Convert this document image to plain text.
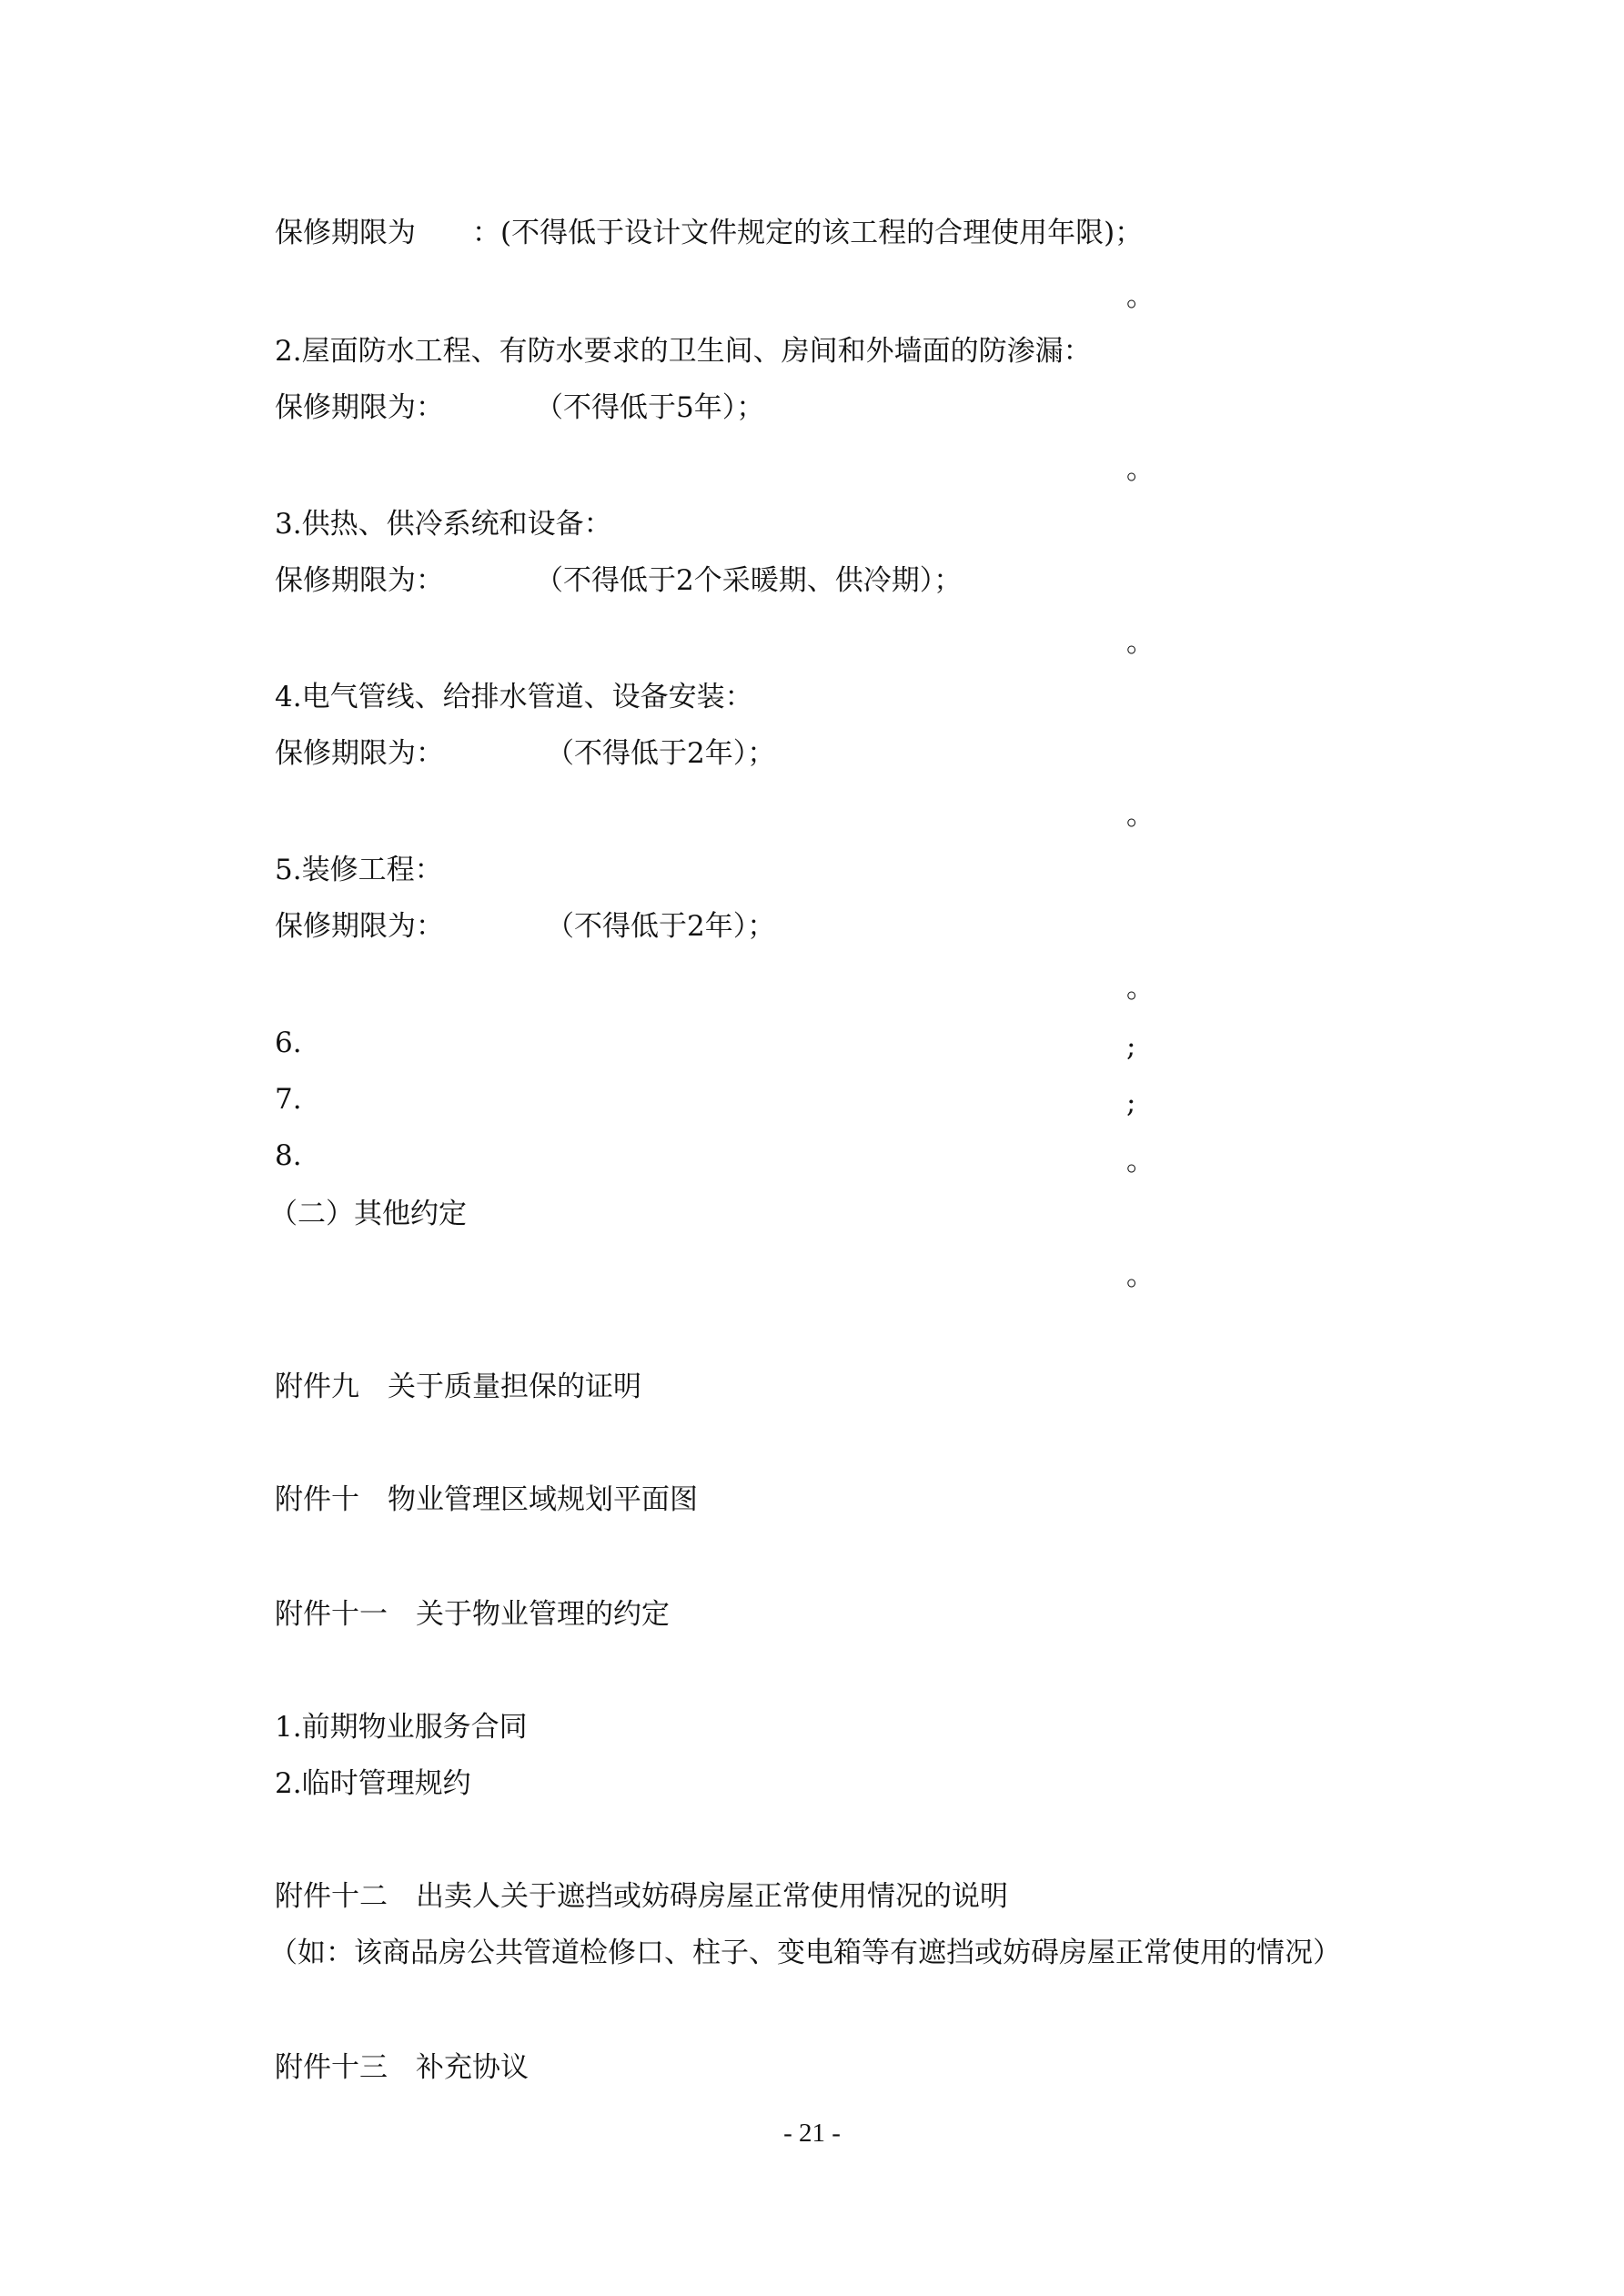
保修期限为 ：(不得低于设计文件规定的该工程的合理使用年限)；
。
2.屋面防水工程、有防水要求的卫生间、房间和外墙面的防渗漏：
保修期限为：	（不得低于5年）；
。
3.供热、供冷系统和设备：
保修期限为：	（不得低于2个采暖期、供冷期）；
。
4.电气管线、给排水管道、设备安装：
保修期限为：	（不得低于2年）；
。
5.装修工程：
保修期限为：	（不得低于2年）；
。
6.	;
7.	;
8.	。
（二）其他约定
。
附件九　关于质量担保的证明
附件十　物业管理区域规划平面图
附件十一　关于物业管理的约定
1.前期物业服务合同
2.临时管理规约
附件十二　出卖人关于遮挡或妨碍房屋正常使用情况的说明
（如：该商品房公共管道检修口、柱子、变电箱等有遮挡或妨碍房屋正常使用的情况）
附件十三　补充协议
- 21 -
